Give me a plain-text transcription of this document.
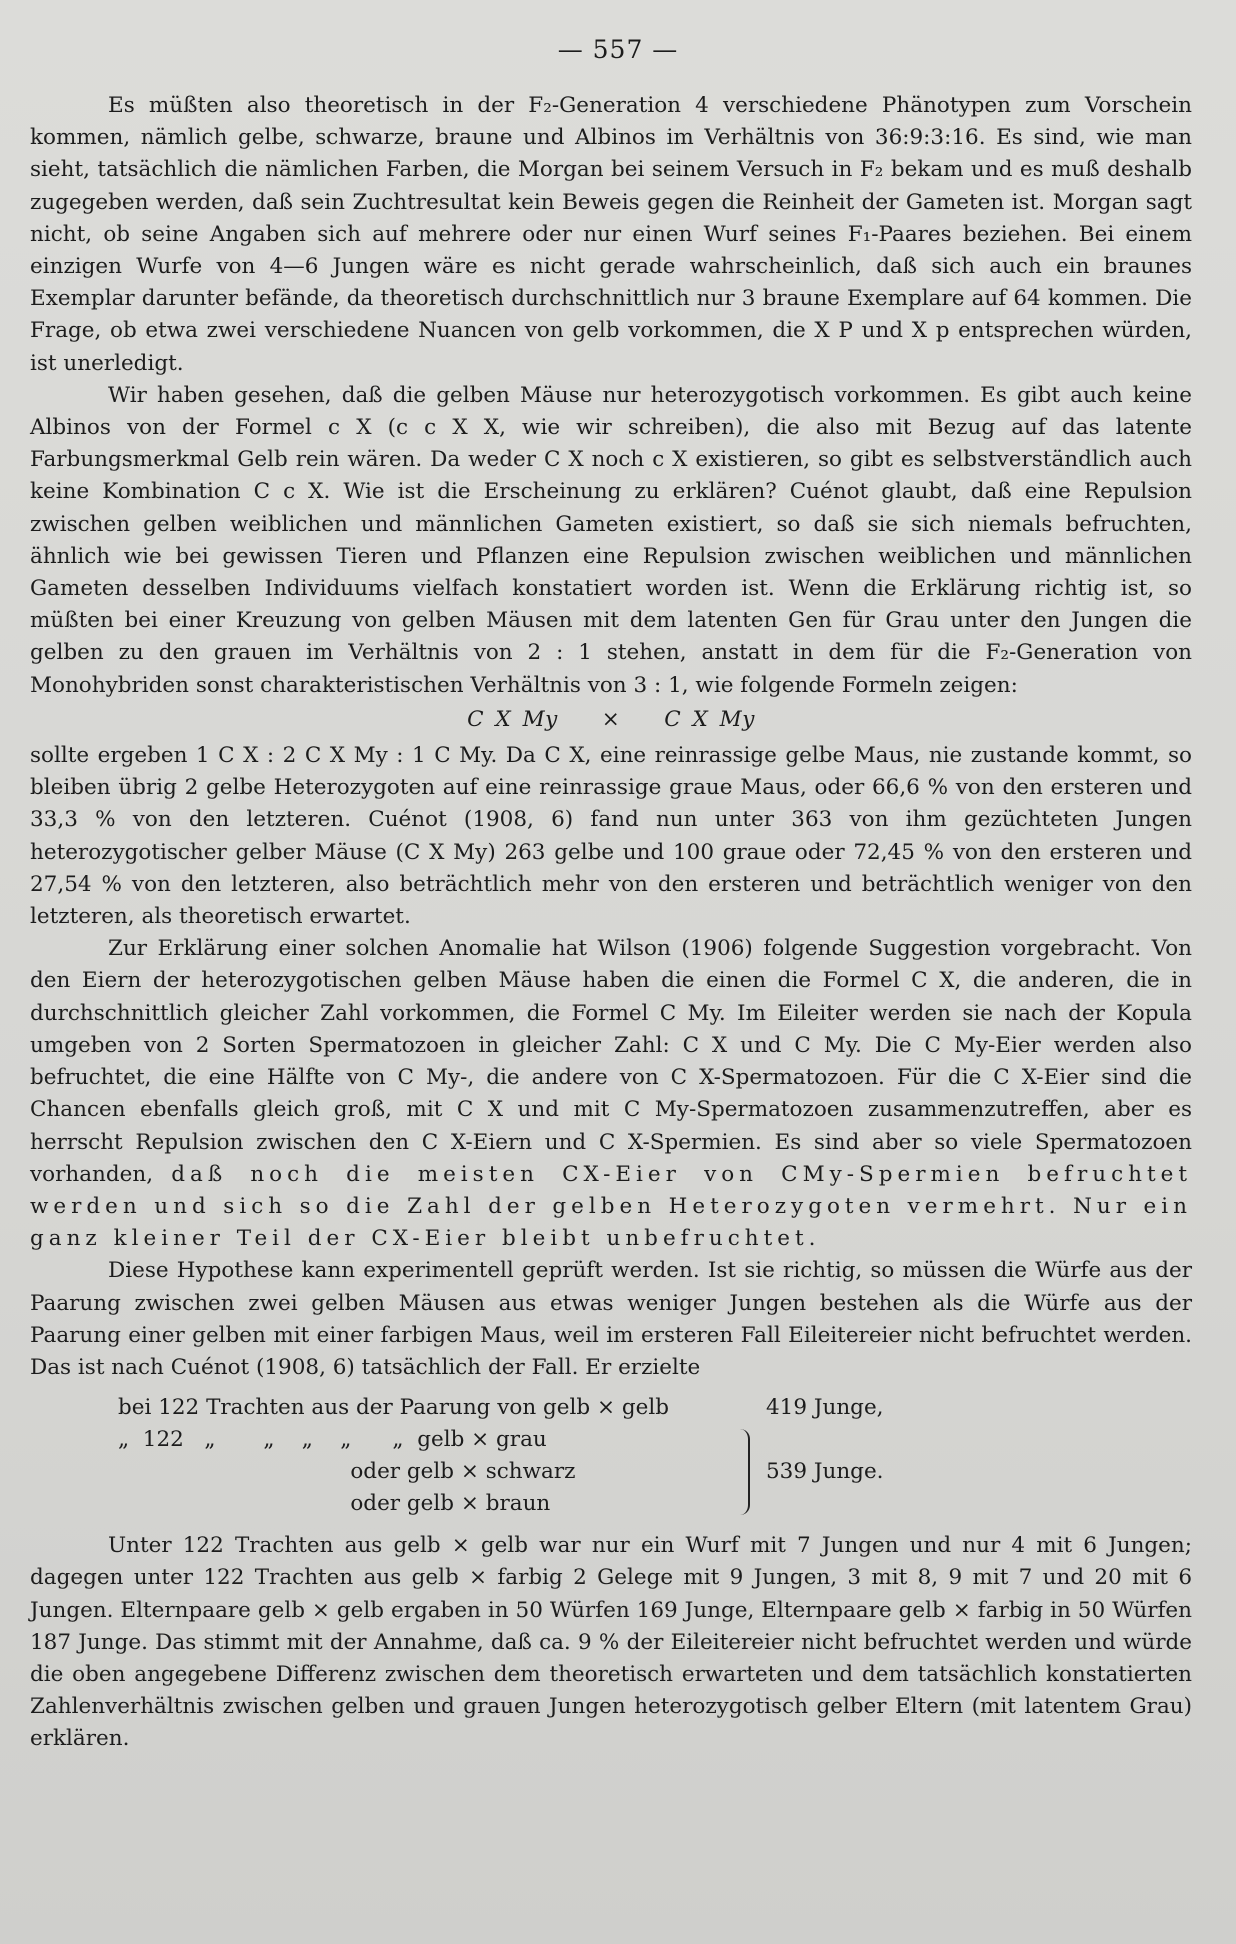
— 557 —

Es müßten also theoretisch in der F₂-Generation 4 verschiedene Phänotypen zum Vorschein kommen, nämlich gelbe, schwarze, braune und Albinos im Verhältnis von 36:9:3:16. Es sind, wie man sieht, tatsächlich die nämlichen Farben, die Morgan bei seinem Versuch in F₂ bekam und es muß deshalb zugegeben werden, daß sein Zuchtresultat kein Beweis gegen die Reinheit der Gameten ist. Morgan sagt nicht, ob seine Angaben sich auf mehrere oder nur einen Wurf seines F₁-Paares beziehen. Bei einem einzigen Wurfe von 4—6 Jungen wäre es nicht gerade wahrscheinlich, daß sich auch ein braunes Exemplar darunter befände, da theoretisch durchschnittlich nur 3 braune Exemplare auf 64 kommen. Die Frage, ob etwa zwei verschiedene Nuancen von gelb vorkommen, die X P und X p entsprechen würden, ist unerledigt.

Wir haben gesehen, daß die gelben Mäuse nur heterozygotisch vorkommen. Es gibt auch keine Albinos von der Formel c X (c c X X, wie wir schreiben), die also mit Bezug auf das latente Farbungsmerkmal Gelb rein wären. Da weder C X noch c X existieren, so gibt es selbstverständlich auch keine Kombination C c X. Wie ist die Erscheinung zu erklären? Cuénot glaubt, daß eine Repulsion zwischen gelben weiblichen und männlichen Gameten existiert, so daß sie sich niemals befruchten, ähnlich wie bei gewissen Tieren und Pflanzen eine Repulsion zwischen weiblichen und männlichen Gameten desselben Individuums vielfach konstatiert worden ist. Wenn die Erklärung richtig ist, so müßten bei einer Kreuzung von gelben Mäusen mit dem latenten Gen für Grau unter den Jungen die gelben zu den grauen im Verhältnis von 2 : 1 stehen, anstatt in dem für die F₂-Generation von Monohybriden sonst charakteristischen Verhältnis von 3 : 1, wie folgende Formeln zeigen:

C X My × C X My

sollte ergeben 1 C X : 2 C X My : 1 C My. Da C X, eine reinrassige gelbe Maus, nie zustande kommt, so bleiben übrig 2 gelbe Heterozygoten auf eine reinrassige graue Maus, oder 66,6 % von den ersteren und 33,3 % von den letzteren. Cuénot (1908, 6) fand nun unter 363 von ihm gezüchteten Jungen heterozygotischer gelber Mäuse (C X My) 263 gelbe und 100 graue oder 72,45 % von den ersteren und 27,54 % von den letzteren, also beträchtlich mehr von den ersteren und beträchtlich weniger von den letzteren, als theoretisch erwartet.

Zur Erklärung einer solchen Anomalie hat Wilson (1906) folgende Suggestion vorgebracht. Von den Eiern der heterozygotischen gelben Mäuse haben die einen die Formel C X, die anderen, die in durchschnittlich gleicher Zahl vorkommen, die Formel C My. Im Eileiter werden sie nach der Kopula umgeben von 2 Sorten Spermatozoen in gleicher Zahl: C X und C My. Die C My-Eier werden also befruchtet, die eine Hälfte von C My-, die andere von C X-Spermatozoen. Für die C X-Eier sind die Chancen ebenfalls gleich groß, mit C X und mit C My-Spermatozoen zusammenzutreffen, aber es herrscht Repulsion zwischen den C X-Eiern und C X-Spermien. Es sind aber so viele Spermatozoen vorhanden, daß noch die meisten CX-Eier von CMy-Spermien befruchtet werden und sich so die Zahl der gelben Heterozygoten vermehrt. Nur ein ganz kleiner Teil der CX-Eier bleibt unbefruchtet.

Diese Hypothese kann experimentell geprüft werden. Ist sie richtig, so müssen die Würfe aus der Paarung zwischen zwei gelben Mäusen aus etwas weniger Jungen bestehen als die Würfe aus der Paarung einer gelben mit einer farbigen Maus, weil im ersteren Fall Eileitereier nicht befruchtet werden. Das ist nach Cuénot (1908, 6) tatsächlich der Fall. Er erzielte

bei 122 Trachten aus der Paarung von gelb × gelb
„  122   „       „    „    „      „  gelb × grau
oder gelb × schwarz
oder gelb × braun
419 Junge,
539 Junge.

Unter 122 Trachten aus gelb × gelb war nur ein Wurf mit 7 Jungen und nur 4 mit 6 Jungen; dagegen unter 122 Trachten aus gelb × farbig 2 Gelege mit 9 Jungen, 3 mit 8, 9 mit 7 und 20 mit 6 Jungen. Elternpaare gelb × gelb ergaben in 50 Würfen 169 Junge, Elternpaare gelb × farbig in 50 Würfen 187 Junge. Das stimmt mit der Annahme, daß ca. 9 % der Eileitereier nicht befruchtet werden und würde die oben angegebene Differenz zwischen dem theoretisch erwarteten und dem tatsächlich konstatierten Zahlenverhältnis zwischen gelben und grauen Jungen heterozygotisch gelber Eltern (mit latentem Grau) erklären.
